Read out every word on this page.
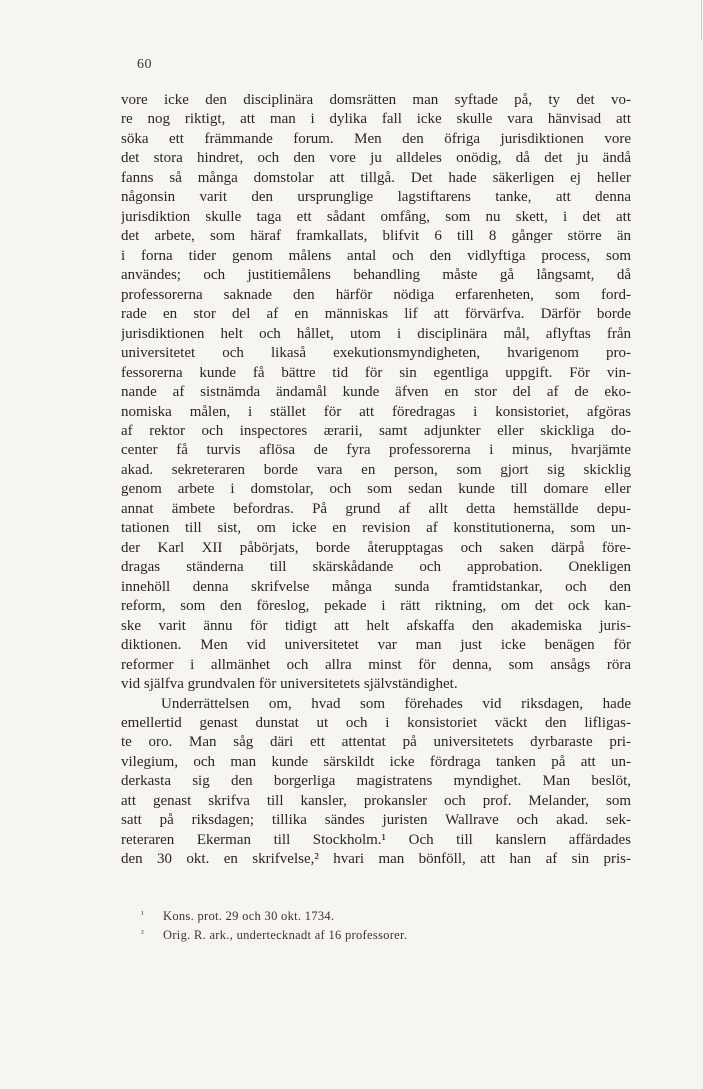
60
vore icke den disciplinära domsrätten man syftade på, ty det vo-
re nog riktigt, att man i dylika fall icke skulle vara hänvisad att
söka ett främmande forum. Men den öfriga jurisdiktionen vore
det stora hindret, och den vore ju alldeles onödig, då det ju ändå
fanns så många domstolar att tillgå. Det hade säkerligen ej heller
någonsin varit den ursprunglige lagstiftarens tanke, att denna
jurisdiktion skulle taga ett sådant omfång, som nu skett, i det att
det arbete, som häraf framkallats, blifvit 6 till 8 gånger större än
i forna tider genom målens antal och den vidlyftiga process, som
användes; och justitiemålens behandling måste gå långsamt, då
professorerna saknade den härför nödiga erfarenheten, som ford-
rade en stor del af en människas lif att förvärfva. Därför borde
jurisdiktionen helt och hållet, utom i disciplinära mål, aflyftas från
universitetet och likaså exekutionsmyndigheten, hvarigenom pro-
fessorerna kunde få bättre tid för sin egentliga uppgift. För vin-
nande af sistnämda ändamål kunde äfven en stor del af de eko-
nomiska målen, i stället för att föredragas i konsistoriet, afgöras
af rektor och inspectores ærarii, samt adjunkter eller skickliga do-
center få turvis aflösa de fyra professorerna i minus, hvarjämte
akad. sekreteraren borde vara en person, som gjort sig skicklig
genom arbete i domstolar, och som sedan kunde till domare eller
annat ämbete befordras. På grund af allt detta hemställde depu-
tationen till sist, om icke en revision af konstitutionerna, som un-
der Karl XII påbörjats, borde återupptagas och saken därpå före-
dragas ständerna till skärskådande och approbation. Onekligen
innehöll denna skrifvelse många sunda framtidstankar, och den
reform, som den föreslog, pekade i rätt riktning, om det ock kan-
ske varit ännu för tidigt att helt afskaffa den akademiska juris-
diktionen. Men vid universitetet var man just icke benägen för
reformer i allmänhet och allra minst för denna, som ansågs röra
vid själfva grundvalen för universitetets självständighet.
Underrättelsen om, hvad som förehades vid riksdagen, hade
emellertid genast dunstat ut och i konsistoriet väckt den lifligas-
te oro. Man såg däri ett attentat på universitetets dyrbaraste pri-
vilegium, och man kunde särskildt icke fördraga tanken på att un-
derkasta sig den borgerliga magistratens myndighet. Man beslöt,
att genast skrifva till kansler, prokansler och prof. Melander, som
satt på riksdagen; tillika sändes juristen Wallrave och akad. sek-
reteraren Ekerman till Stockholm.¹ Och till kanslern affärdades
den 30 okt. en skrifvelse,² hvari man bönföll, att han af sin pris-
¹ Kons. prot. 29 och 30 okt. 1734.
² Orig. R. ark., undertecknadt af 16 professorer.
